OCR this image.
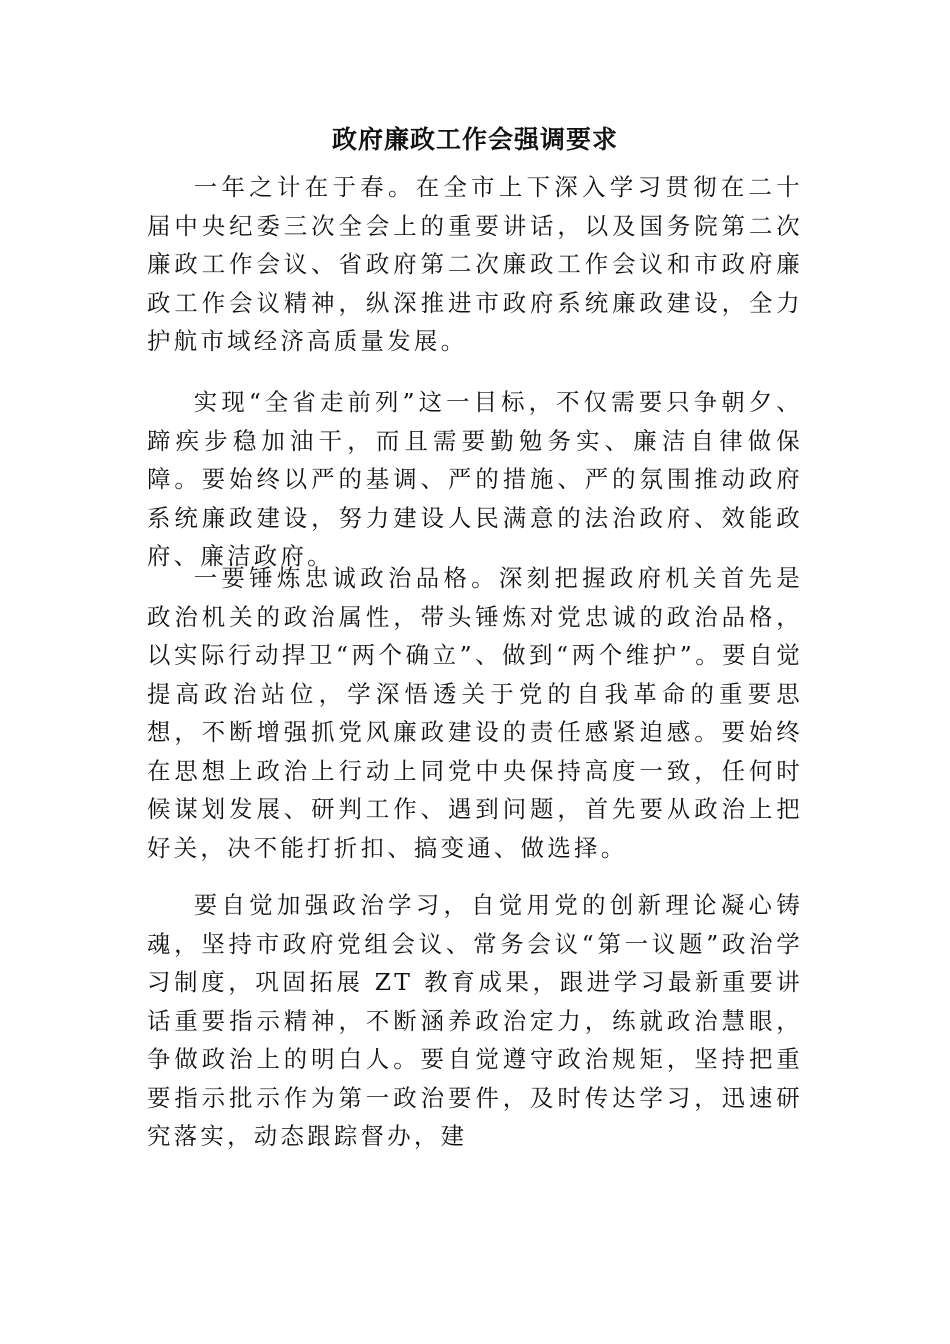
政府廉政工作会强调要求

一年之计在于春。在全市上下深入学习贯彻在二十届中央纪委三次全会上的重要讲话，以及国务院第二次廉政工作会议、省政府第二次廉政工作会议和市政府廉政工作会议精神，纵深推进市政府系统廉政建设，全力护航市域经济高质量发展。

实现“全省走前列”这一目标，不仅需要只争朝夕、蹄疾步稳加油干，而且需要勤勉务实、廉洁自律做保障。要始终以严的基调、严的措施、严的氛围推动政府系统廉政建设，努力建设人民满意的法治政府、效能政府、廉洁政府。

一要锤炼忠诚政治品格。深刻把握政府机关首先是政治机关的政治属性，带头锤炼对党忠诚的政治品格，以实际行动捍卫“两个确立”、做到“两个维护”。要自觉提高政治站位，学深悟透关于党的自我革命的重要思想，不断增强抓党风廉政建设的责任感紧迫感。要始终在思想上政治上行动上同党中央保持高度一致，任何时候谋划发展、研判工作、遇到问题，首先要从政治上把好关，决不能打折扣、搞变通、做选择。

要自觉加强政治学习，自觉用党的创新理论凝心铸魂，坚持市政府党组会议、常务会议“第一议题”政治学习制度，巩固拓展 ZT 教育成果，跟进学习最新重要讲话重要指示精神，不断涵养政治定力，练就政治慧眼，争做政治上的明白人。要自觉遵守政治规矩，坚持把重要指示批示作为第一政治要件，及时传达学习，迅速研究落实，动态跟踪督办，建
